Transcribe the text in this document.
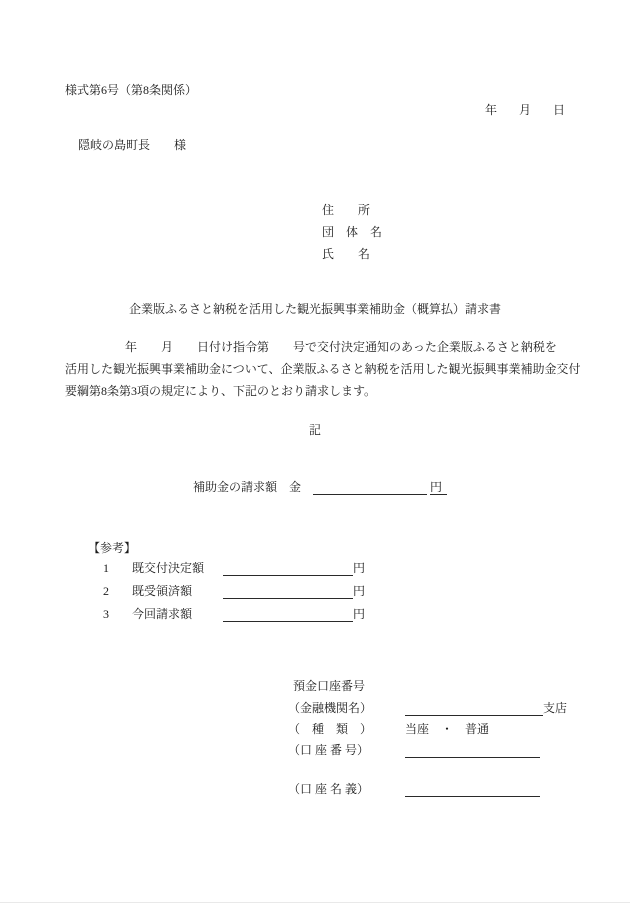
様式第6号（第8条関係）
年　月　日
隠岐の島町長　　様
住　　所
団　体　名
氏　　名
企業版ふるさと納税を活用した観光振興事業補助金（概算払）請求書
　　　　　年　　月　　日付け指令第　　号で交付決定通知のあった企業版ふるさと納税を
活用した観光振興事業補助金について、企業版ふるさと納税を活用した観光振興事業補助金交付
要綱第8条第3項の規定により、下記のとおり請求します。
記
補助金の請求額　金	円
【参考】
1	既交付決定額	円
2	既受領済額	円
3	今回請求額	円
預金口座番号
（金融機関名）	支店
（　種　類　）	当座　・　普通
（口 座 番 号）
（口 座 名 義）
